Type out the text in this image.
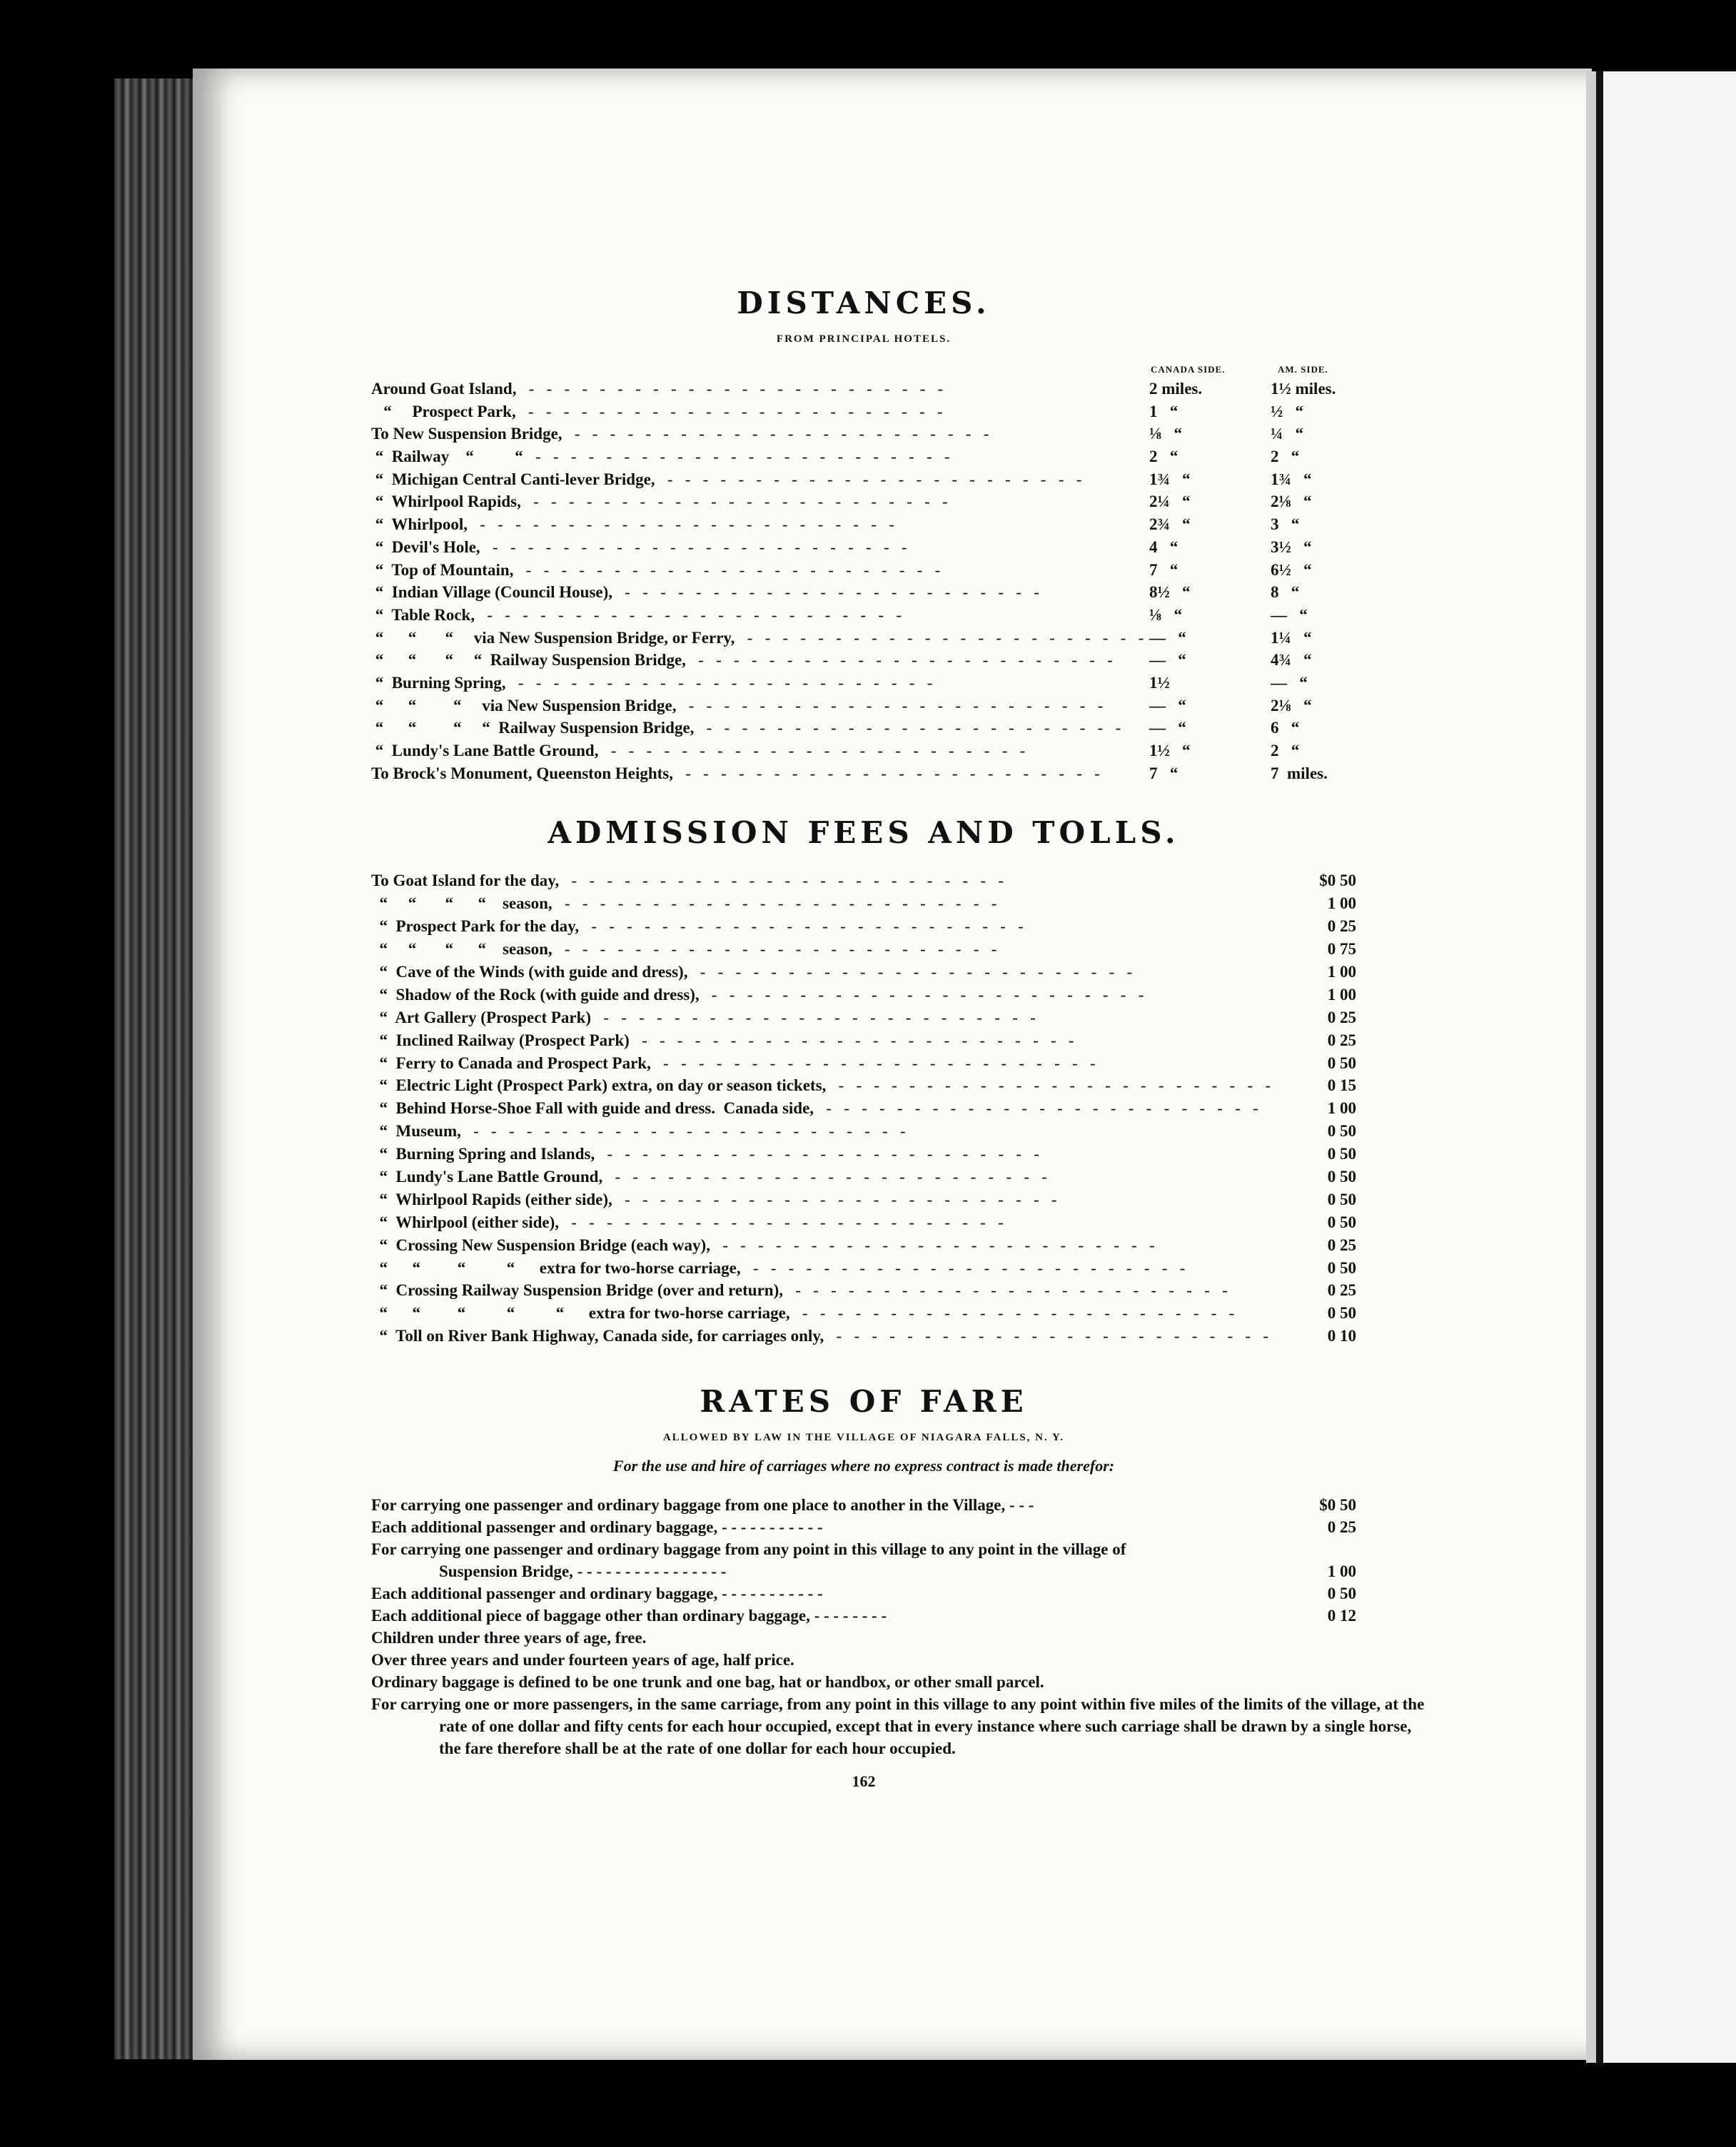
DISTANCES.
FROM PRINCIPAL HOTELS.
CANADA SIDE.	AM. SIDE.
Around Goat Island, -   -	2 miles.	1½ miles.
“     Prospect Park, -   -	1   “	½   “
To New Suspension Bridge, -   -	⅛   “	¼   “
“  Railway    “          “ -   -	2   “	2   “
“  Michigan Central Canti-lever Bridge, -   -	1¾   “	1¾   “
“  Whirlpool Rapids, -   -	2¼   “	2⅛   “
“  Whirlpool, -   -	2¾   “	3   “
“  Devil's Hole, -   -	4   “	3½   “
“  Top of Mountain, -   -	7   “	6½   “
“  Indian Village (Council House), -   -	8½   “	8   “
“  Table Rock, -   -	⅛   “	—   “
“      “       “     via New Suspension Bridge, or Ferry, -   -	—   “	1¼   “
“      “       “     “  Railway Suspension Bridge, -   -	—   “	4¾   “
“  Burning Spring, -   -	1½	—   “
“      “         “     via New Suspension Bridge, -   -	—   “	2⅛   “
“      “         “     “  Railway Suspension Bridge, -   -	—   “	6   “
“  Lundy's Lane Battle Ground, -   -	1½   “	2   “
To Brock's Monument, Queenston Heights, -   -	7   “	7  miles.
ADMISSION FEES AND TOLLS.
To Goat Island for the day, -   -	$0 50
“     “       “      “    season, -   -	1 00
“  Prospect Park for the day, -   -	0 25
“     “       “      “    season, -   -	0 75
“  Cave of the Winds (with guide and dress), -   -	1 00
“  Shadow of the Rock (with guide and dress), -   -	1 00
“  Art Gallery (Prospect Park) -   -	0 25
“  Inclined Railway (Prospect Park) -   -	0 25
“  Ferry to Canada and Prospect Park, -   -	0 50
“  Electric Light (Prospect Park) extra, on day or season tickets, -   -	0 15
“  Behind Horse-Shoe Fall with guide and dress.  Canada side, -   -	1 00
“  Museum, -   -	0 50
“  Burning Spring and Islands, -   -	0 50
“  Lundy's Lane Battle Ground, -   -	0 50
“  Whirlpool Rapids (either side), -   -	0 50
“  Whirlpool (either side), -   -	0 50
“  Crossing New Suspension Bridge (each way), -   -	0 25
“      “         “          “      extra for two-horse carriage, -   -	0 50
“  Crossing Railway Suspension Bridge (over and return), -   -	0 25
“      “         “          “          “      extra for two-horse carriage, -   -	0 50
“  Toll on River Bank Highway, Canada side, for carriages only, -   -	0 10
RATES OF FARE
ALLOWED BY LAW IN THE VILLAGE OF NIAGARA FALLS, N. Y.
For the use and hire of carriages where no express contract is made therefor:
For carrying one passenger and ordinary baggage from one place to another in the Village, - - -	$0 50
Each additional passenger and ordinary baggage, - - - - - - - - - - -	0 25
For carrying one passenger and ordinary baggage from any point in this village to any point in the village of
Suspension Bridge, - - - - - - - - - - - - - - - -	1 00
Each additional passenger and ordinary baggage, - - - - - - - - - - -	0 50
Each additional piece of baggage other than ordinary baggage, - - - - - - - -	0 12
Children under three years of age, free.
Over three years and under fourteen years of age, half price.
Ordinary baggage is defined to be one trunk and one bag, hat or handbox, or other small parcel.
For carrying one or more passengers, in the same carriage, from any point in this village to any point within five miles of the limits of the village, at the rate of one dollar and fifty cents for each hour occupied, except that in every instance where such carriage shall be drawn by a single horse, the fare therefore shall be at the rate of one dollar for each hour occupied.
162
